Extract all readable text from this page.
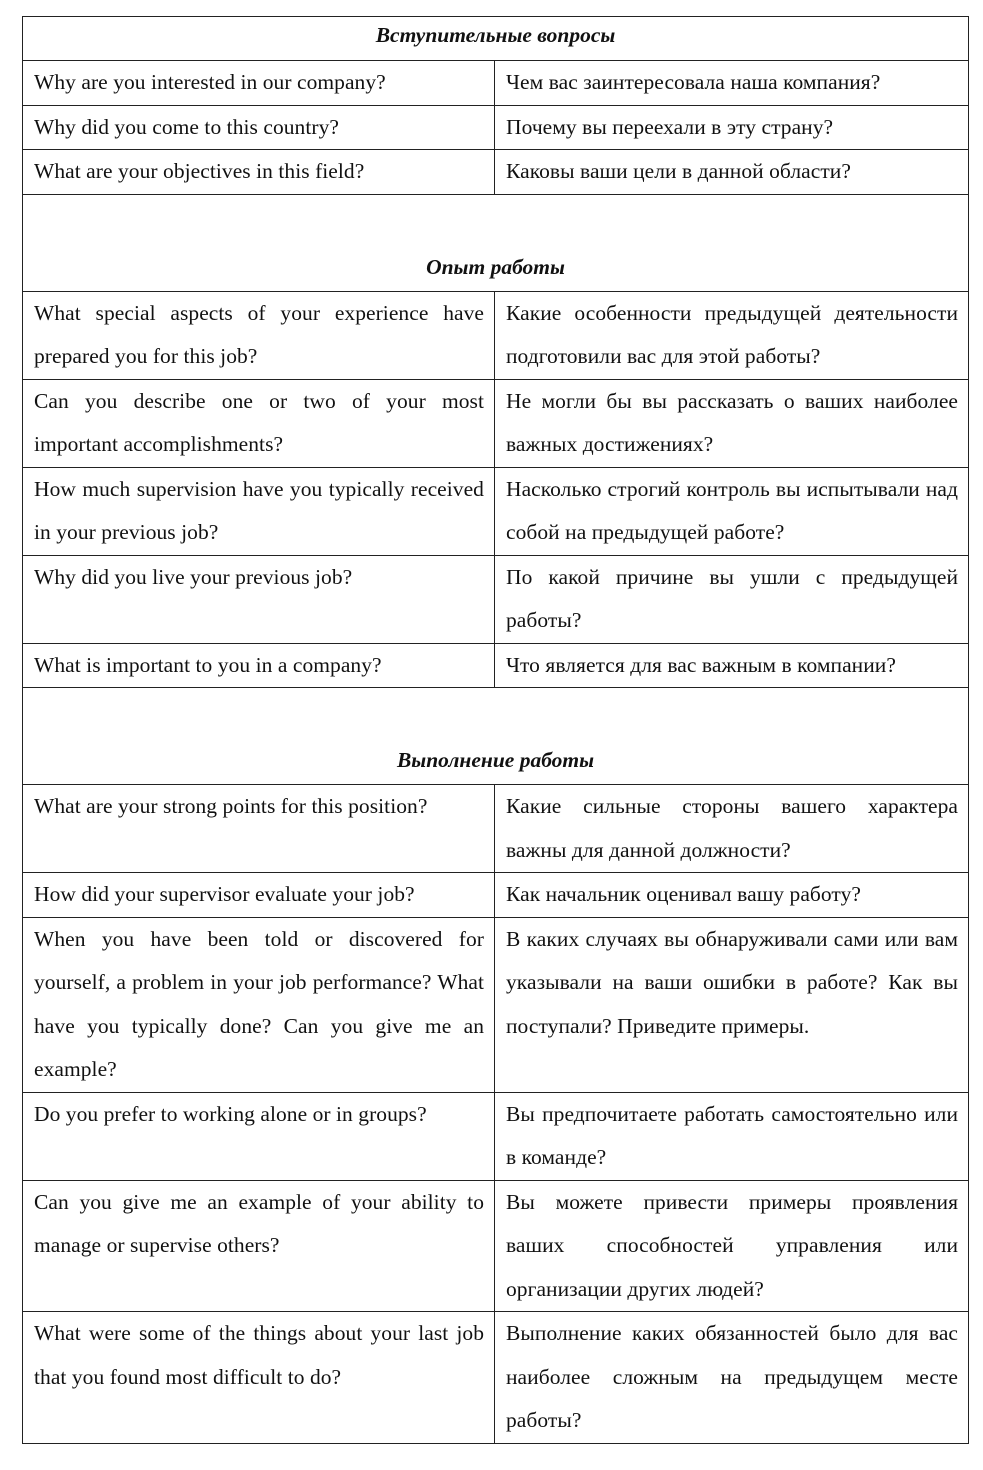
Вступительные вопросы	
Why are you interested in our company?	Чем вас заинтересовала наша компания?
Why did you come to this country?	Почему вы переехали в эту страну?
What are your objectives in this field?	Каковы ваши цели в данной области?
Опыт работы	
What special aspects of your experience have prepared you for this job?	Какие особенности предыдущей деятельности подготовили вас для этой работы?
Can you describe one or two of your most important accomplishments?	Не могли бы вы рассказать о ваших наиболее важных достижениях?
How much supervision have you typically received in your previous job?	Насколько строгий контроль вы испытывали над собой на предыдущей работе?
Why did you live your previous job?	По какой причине вы ушли с предыдущей работы?
What is important to you in a company?	Что является для вас важным в компании?
Выполнение работы	
What are your strong points for this position?	Какие сильные стороны вашего характера важны для данной должности?
How did your supervisor evaluate your job?	Как начальник оценивал вашу работу?
When you have been told or discovered for yourself, a problem in your job performance? What have you typically done? Can you give me an example?	В каких случаях вы обнаруживали сами или вам указывали на ваши ошибки в работе? Как вы поступали? Приведите примеры.
Do you prefer to working alone or in groups?	Вы предпочитаете работать самостоятельно или в команде?
Can you give me an example of your ability to manage or supervise others?	Вы можете привести примеры проявления ваших способностей управления или организации других людей?
What were some of the things about your last job that you found most difficult to do?	Выполнение каких обязанностей было для вас наиболее сложным на предыдущем месте работы?
